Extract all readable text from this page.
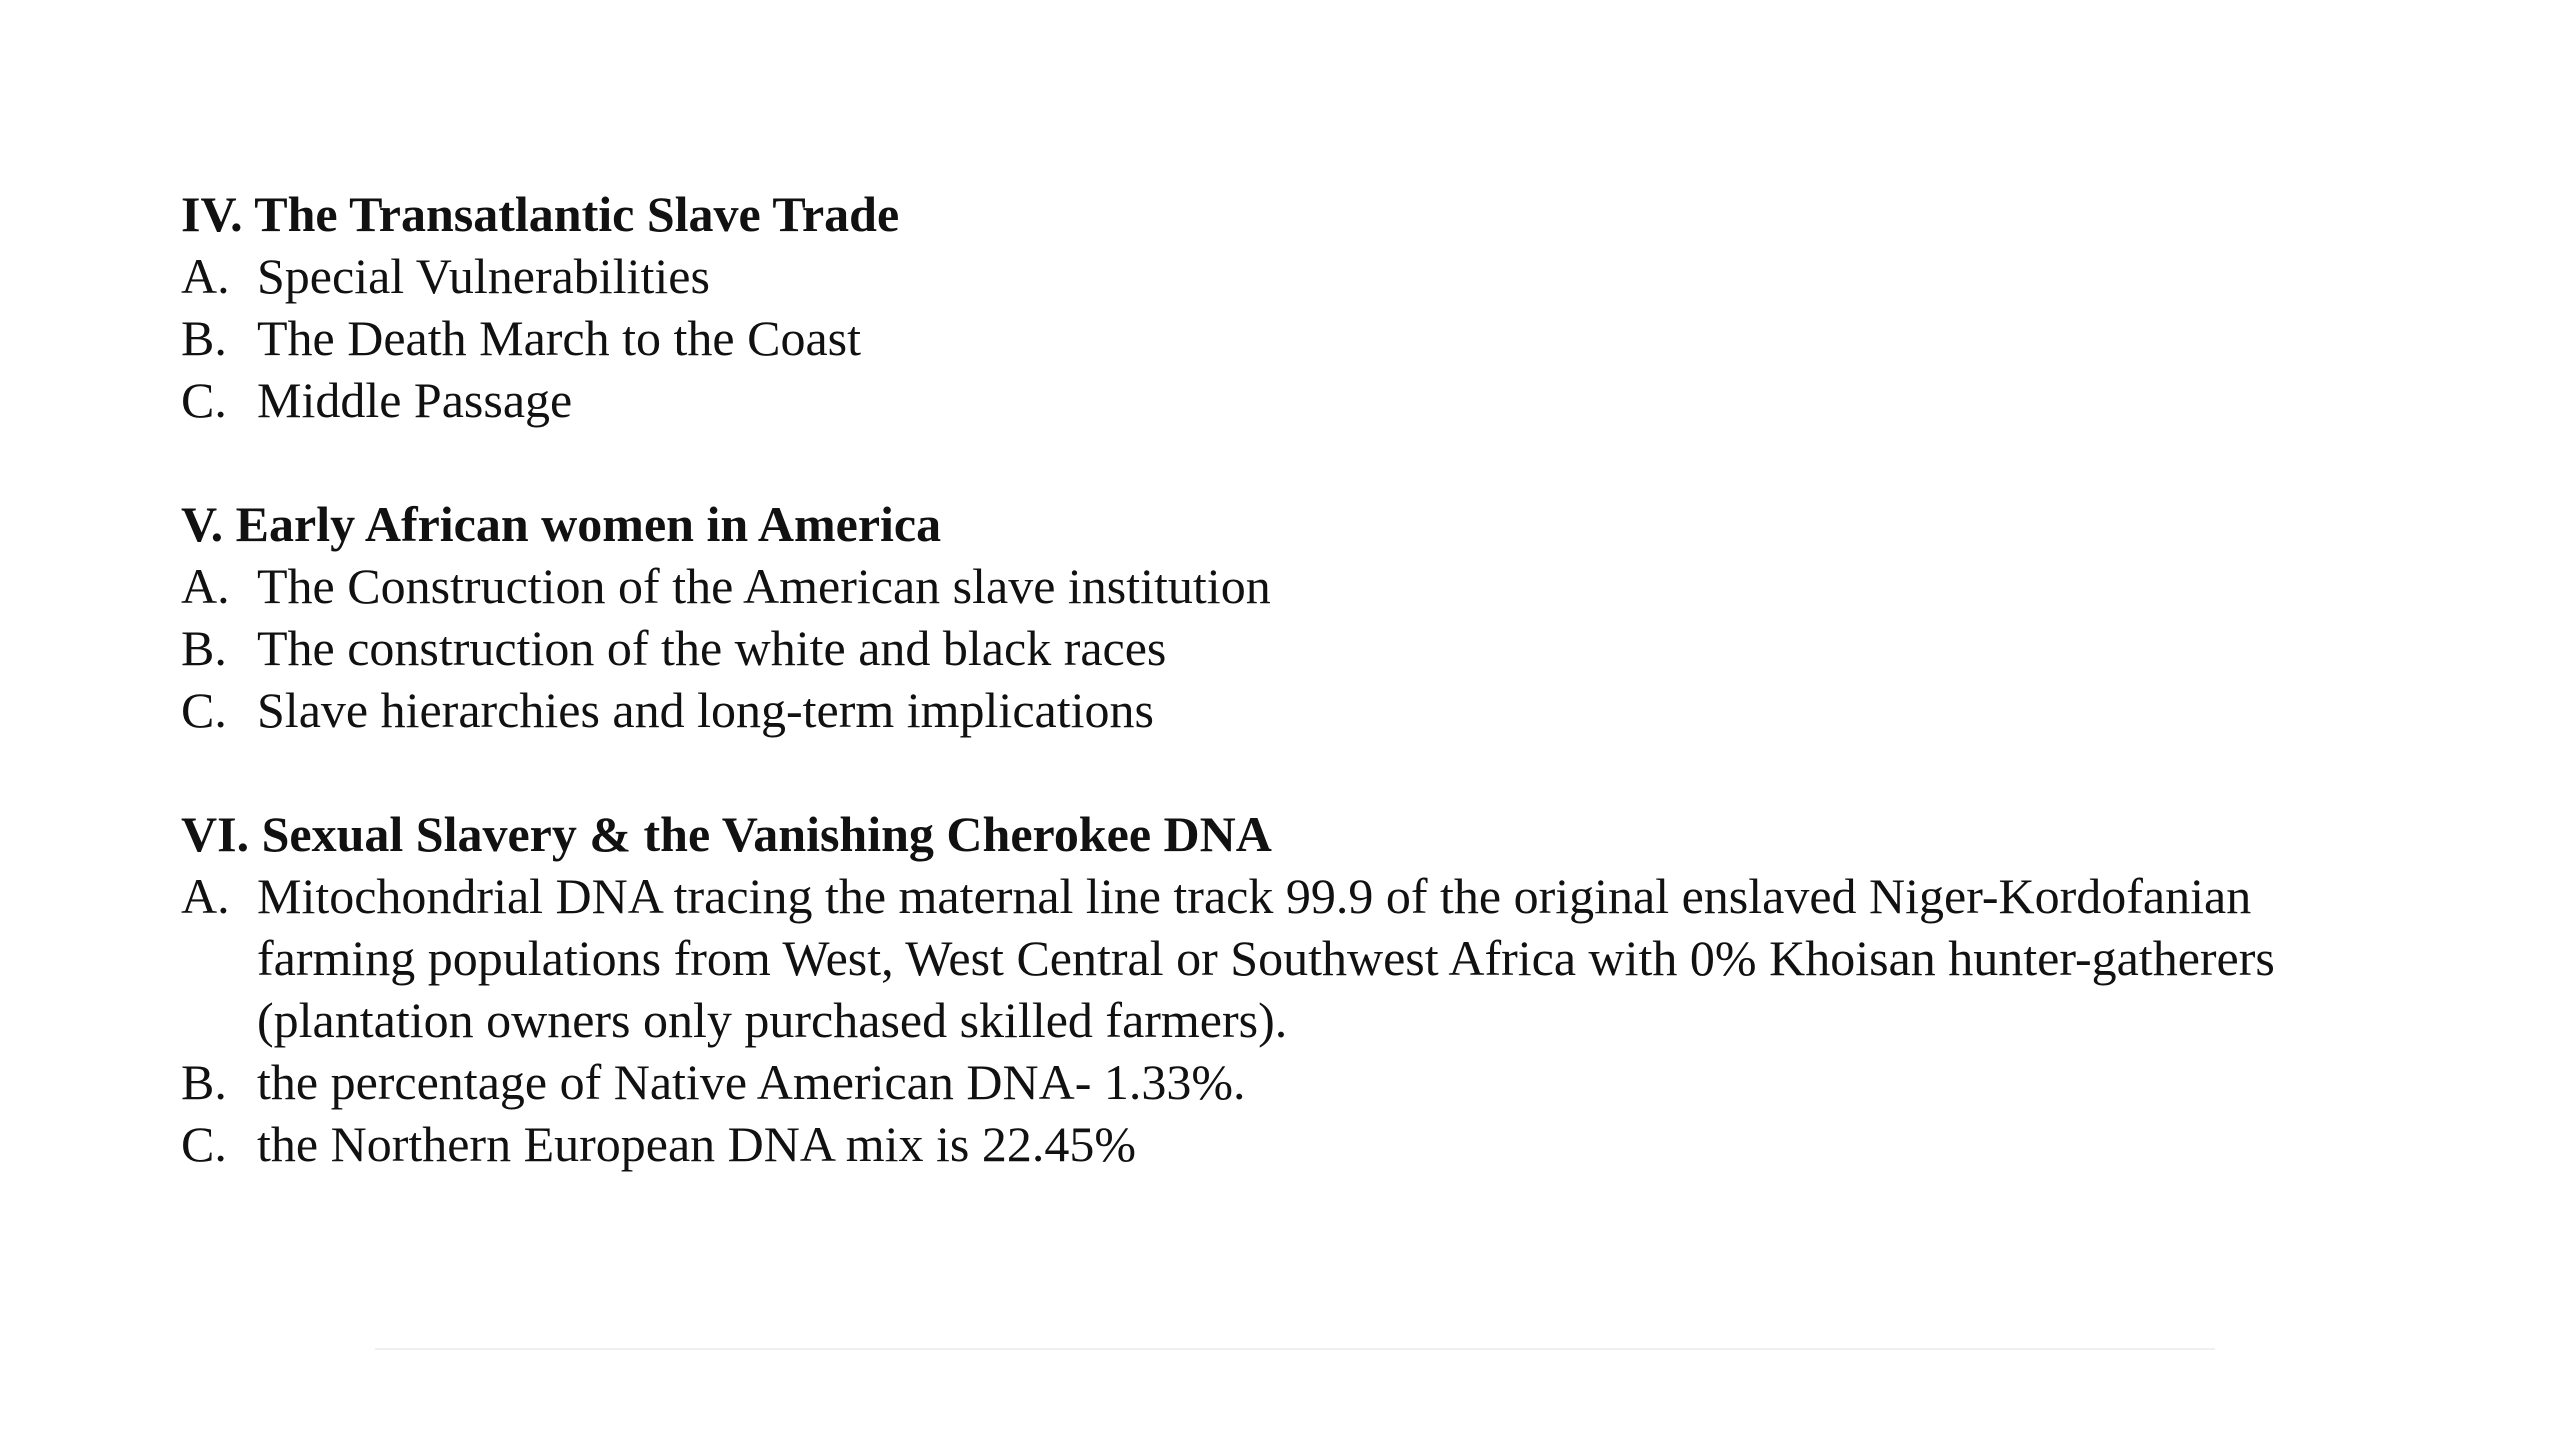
IV. The Transatlantic Slave Trade
A. Special Vulnerabilities
B. The Death March to the Coast
C. Middle Passage
V. Early African women in America
A. The Construction of the American slave institution
B. The construction of the white and black races
C. Slave hierarchies and long-term implications
VI. Sexual Slavery & the Vanishing Cherokee DNA
A. Mitochondrial DNA tracing the maternal line track 99.9 of the original enslaved Niger-Kordofanian farming populations from West, West Central or Southwest Africa with 0% Khoisan hunter-gatherers (plantation owners only purchased skilled farmers).
B. the percentage of Native American DNA- 1.33%.
C. the Northern European DNA mix is 22.45%
